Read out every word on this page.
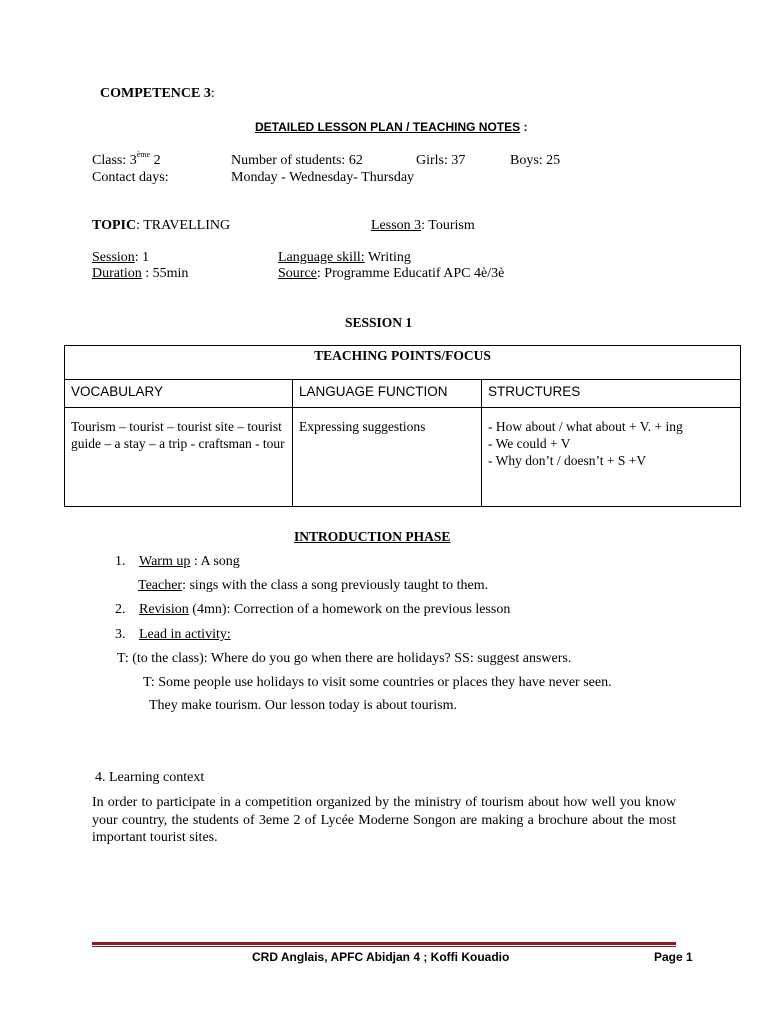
COMPETENCE 3:
DETAILED LESSON PLAN / TEACHING NOTES :
Class: 3ème 2	Number of students: 62	Girls: 37	Boys: 25
Contact days:	Monday - Wednesday- Thursday
TOPIC: TRAVELLING	Lesson 3: Tourism
Session: 1	Language skill: Writing
Duration : 55min	Source: Programme Educatif APC 4è/3è
SESSION 1
TEACHING POINTS/FOCUS		
VOCABULARY	LANGUAGE FUNCTION	STRUCTURES
Tourism – tourist – tourist site – tourist guide – a stay – a trip - craftsman - tour	Expressing suggestions	- How about / what about + V. + ing
- We could + V
- Why don’t / doesn’t + S +V
INTRODUCTION PHASE
1. Warm up : A song
Teacher: sings with the class a song previously taught to them.
2. Revision (4mn): Correction of a homework on the previous lesson
3. Lead in activity:
T: (to the class): Where do you go when there are holidays? SS: suggest answers.
T: Some people use holidays to visit some countries or places they have never seen.
They make tourism. Our lesson today is about tourism.
4. Learning context
In order to participate in a competition organized by the ministry of tourism about how well you know your country, the students of 3eme 2 of Lycée Moderne Songon are making a brochure about the most important tourist sites.
CRD Anglais, APFC Abidjan 4 ; Koffi Kouadio	Page 1
